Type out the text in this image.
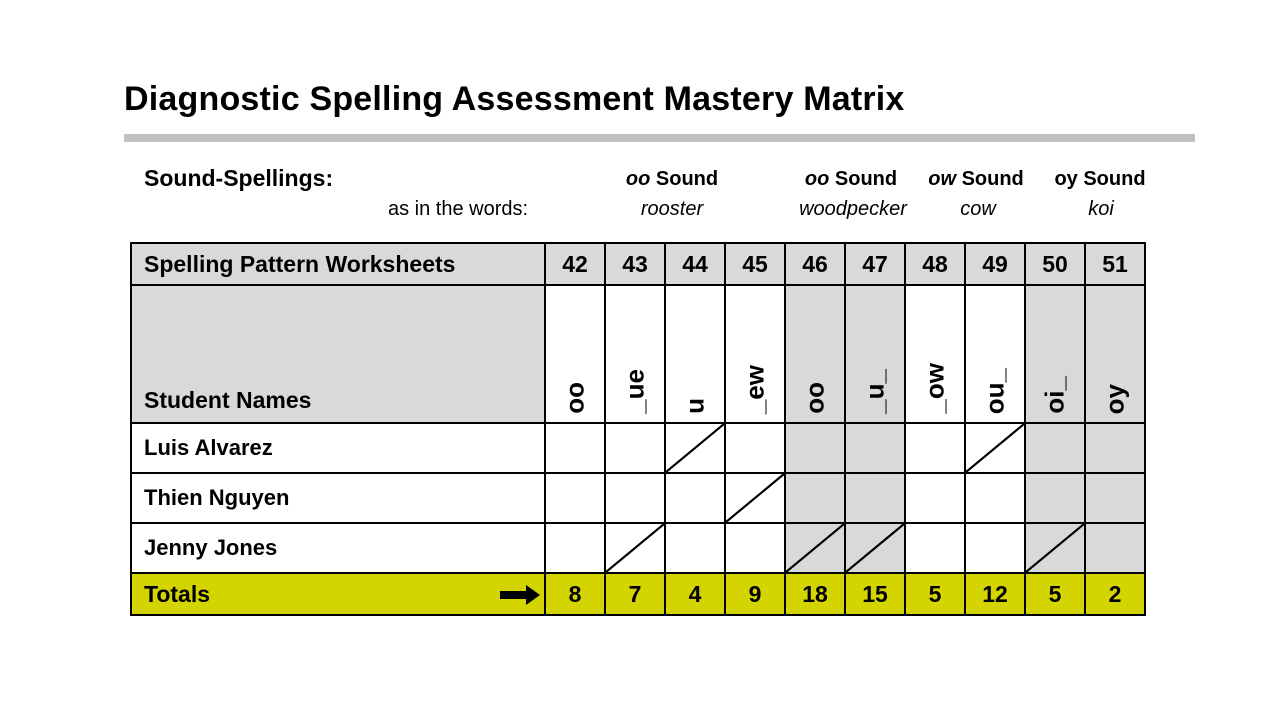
Diagnostic Spelling Assessment Mastery Matrix
Sound-Spellings:
as in the words:
oo Sound
rooster
oo Sound
woodpecker
ow Sound
cow
oy Sound
koi
Spelling Pattern Worksheets	42	43	44	45	46	47	48	49	50	51
Student Names	oo	_ue	u	_ew	oo	_u_	_ow	ou_	oi_	oy

Luis Alvarez			

Thien Nguyen				

Jenny Jones		

Totals	8	7	4	9	18	15	5	12	5	2
